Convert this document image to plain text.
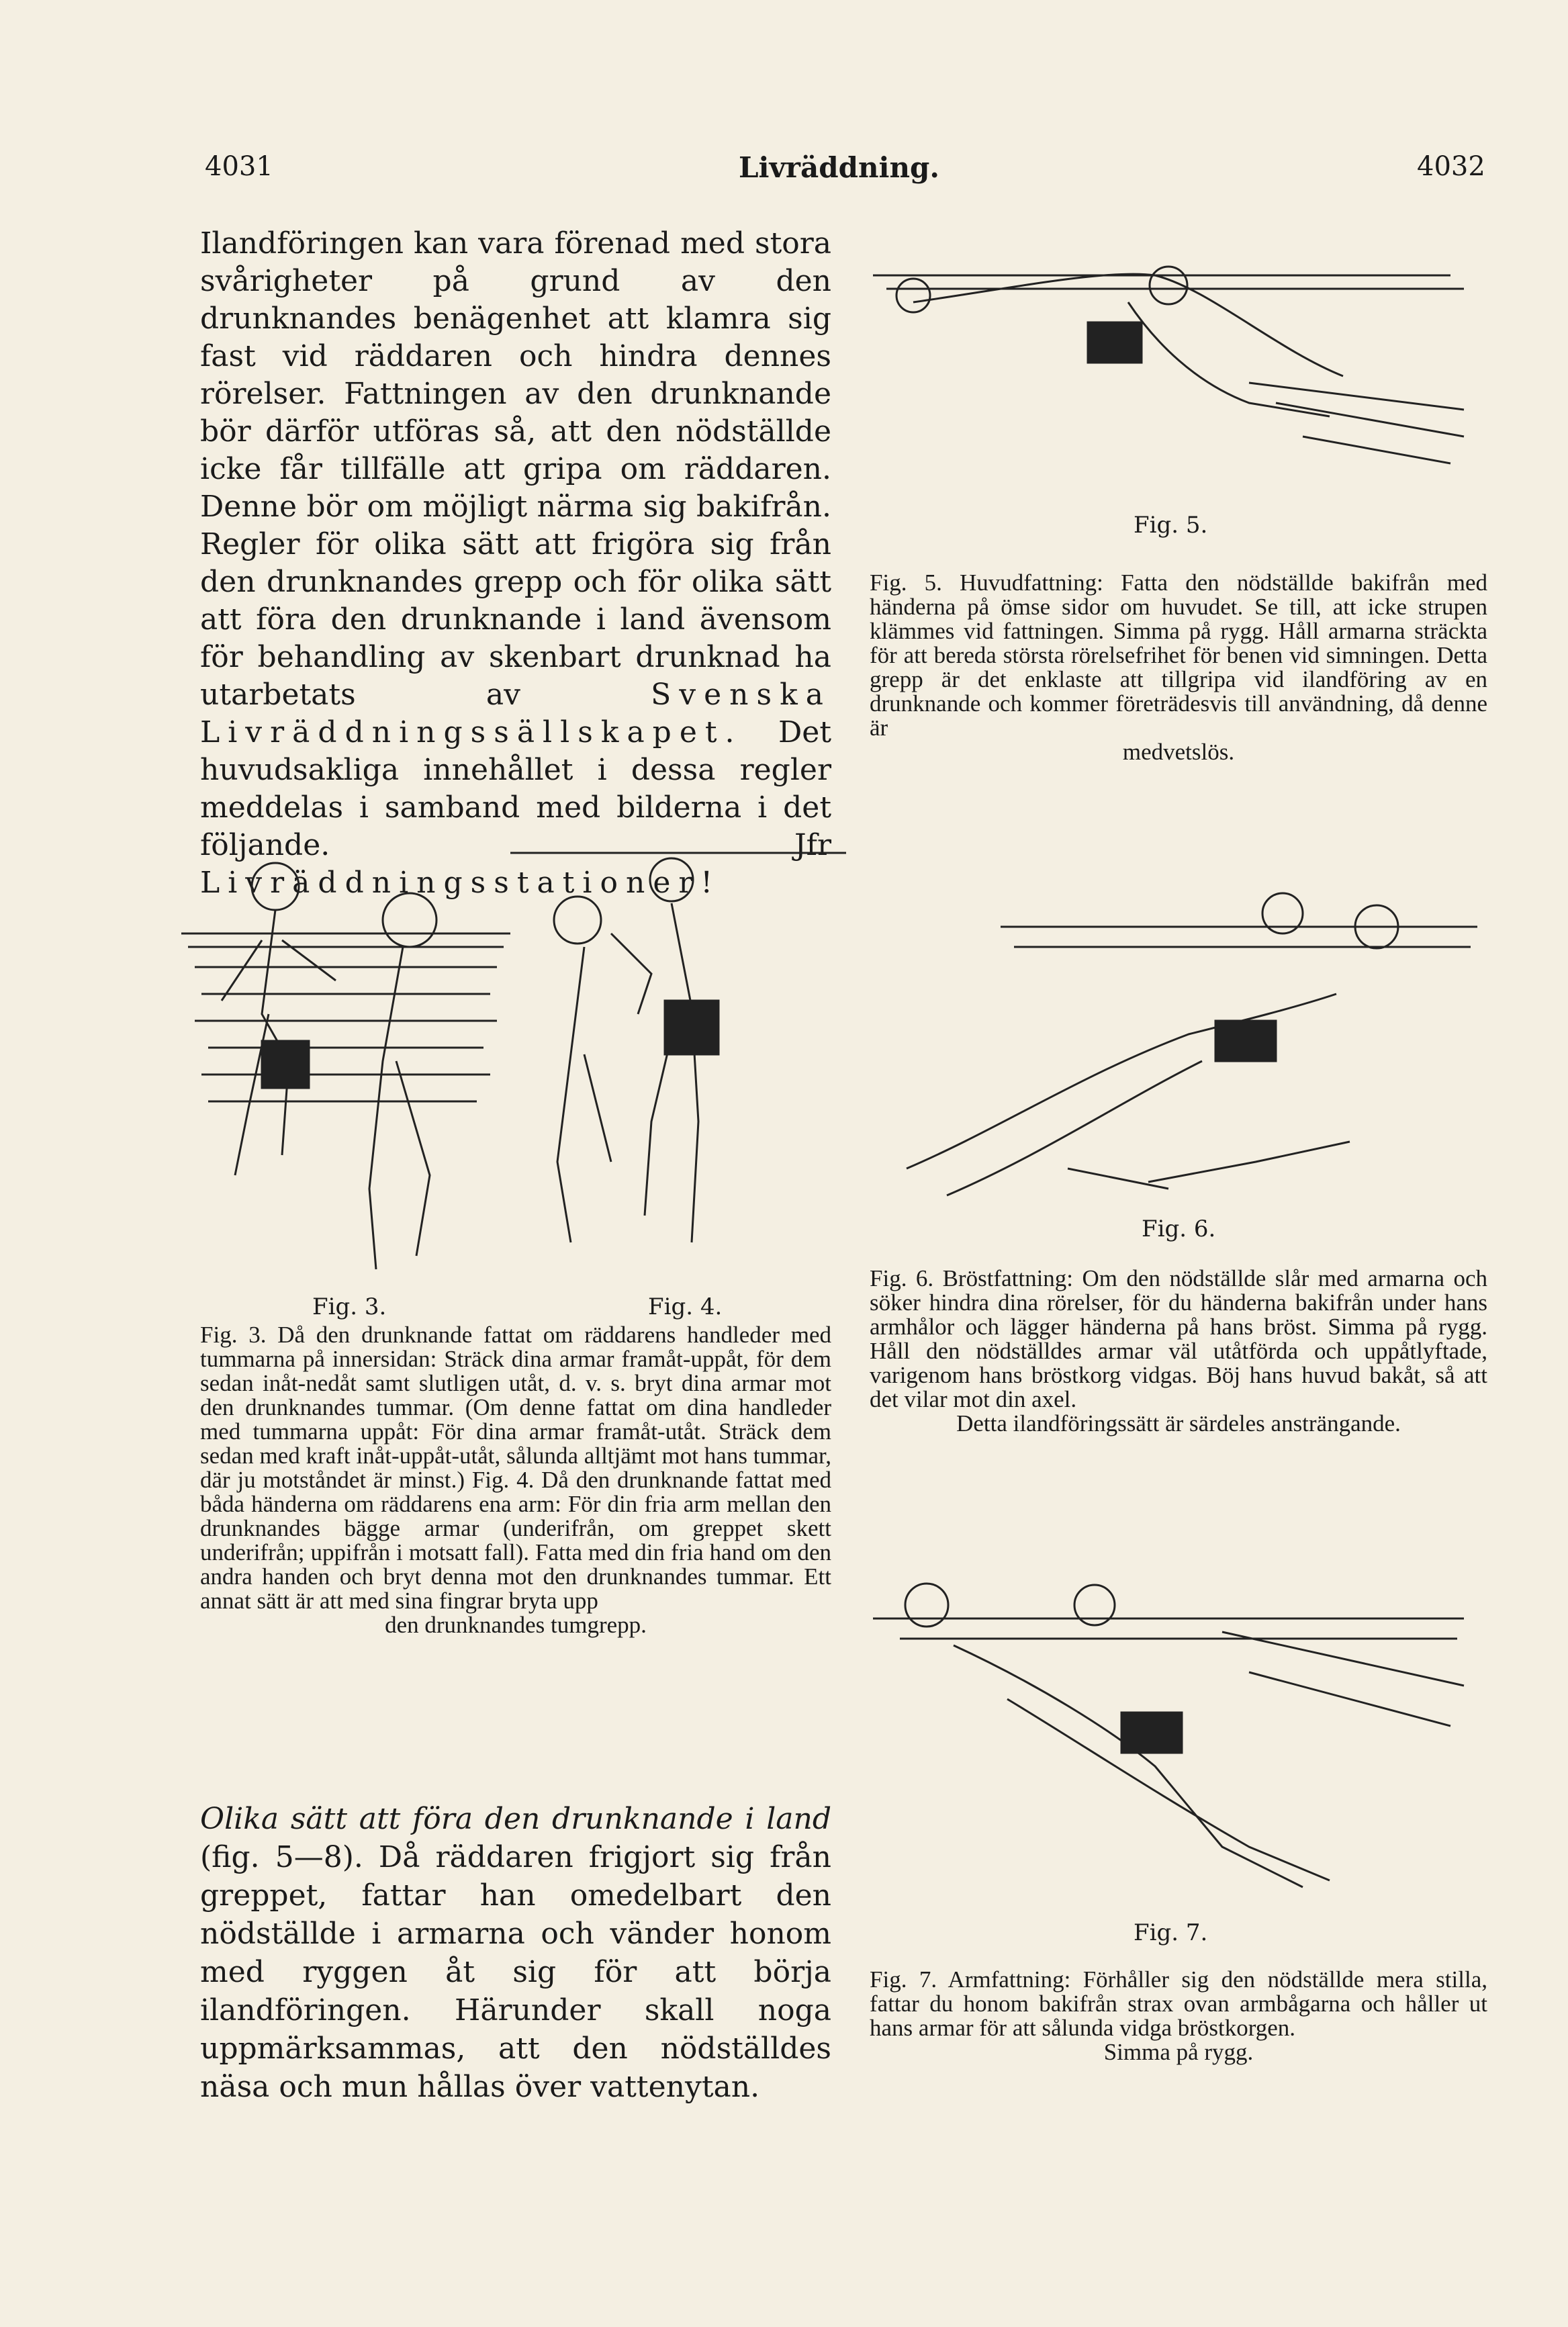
4031	Livräddning.	4032
Ilandföringen kan vara förenad med stora svårigheter på grund av den drunknandes benägenhet att klamra sig fast vid räddaren och hindra dennes rörelser. Fattningen av den drunknande bör därför utföras så, att den nödställde icke får tillfälle att gripa om räddaren. Denne bör om möjligt närma sig bakifrån. Regler för olika sätt att frigöra sig från den drunknandes grepp och för olika sätt att föra den drunknande i land ävensom för behandling av skenbart drunknad ha utarbetats av	Svenska Livräddningssällskapet. Det huvudsakliga innehållet i dessa regler meddelas i samband med bilderna i det följande. Jfr Livräddningsstationer!
Fig. 3.	Fig. 4.
Fig. 3. Då den drunknande fattat om räddarens handleder med tummarna på innersidan: Sträck dina armar framåt-uppåt, för dem sedan inåt-nedåt samt slutligen utåt, d. v. s. bryt dina armar mot den drunknandes tummar. (Om denne fattat om dina handleder med tummarna uppåt: För dina armar framåt-utåt. Sträck dem sedan med kraft inåt-uppåt-utåt, sålunda alltjämt mot hans tummar, där ju motståndet är minst.) Fig. 4. Då den drunknande fattat med båda händerna om räddarens ena arm: För din fria arm mellan den drunknandes bägge armar (underifrån, om greppet skett underifrån; uppifrån i motsatt fall). Fatta med din fria hand om den andra handen och bryt denna mot den drunknandes tummar. Ett annat sätt är att med sina fingrar bryta upp
den drunknandes tumgrepp.
Olika sätt att föra den drunknande i land (fig. 5—8). Då räddaren frigjort sig från greppet, fattar han omedelbart den nödställde i armarna och vänder honom med ryggen åt sig för att börja ilandföringen. Härunder skall noga uppmärksammas, att den nödställdes näsa och mun hållas över vattenytan.
Fig. 5.
Fig. 5. Huvudfattning: Fatta den nödställde bakifrån med händerna på ömse sidor om huvudet. Se till, att icke strupen klämmes vid fattningen. Simma på rygg. Håll armarna sträckta för att bereda största rörelsefrihet för benen vid simningen. Detta grepp är det enklaste att tillgripa vid ilandföring av en drunknande och kommer företrädesvis till användning, då denne är
medvetslös.
Fig. 6.
Fig. 6. Bröstfattning: Om den nödställde slår med armarna och söker hindra dina rörelser, för du händerna bakifrån under hans armhålor och lägger händerna på hans bröst. Simma på rygg. Håll den nödställdes armar väl utåtförda och uppåtlyftade, varigenom hans bröstkorg vidgas. Böj hans huvud bakåt, så att det vilar mot din axel.
Detta ilandföringssätt är särdeles ansträngande.
Fig. 7.
Fig. 7. Armfattning: Förhåller sig den nödställde mera stilla, fattar du honom bakifrån strax ovan armbågarna och håller ut hans armar för att sålunda vidga bröstkorgen.
Simma på rygg.
